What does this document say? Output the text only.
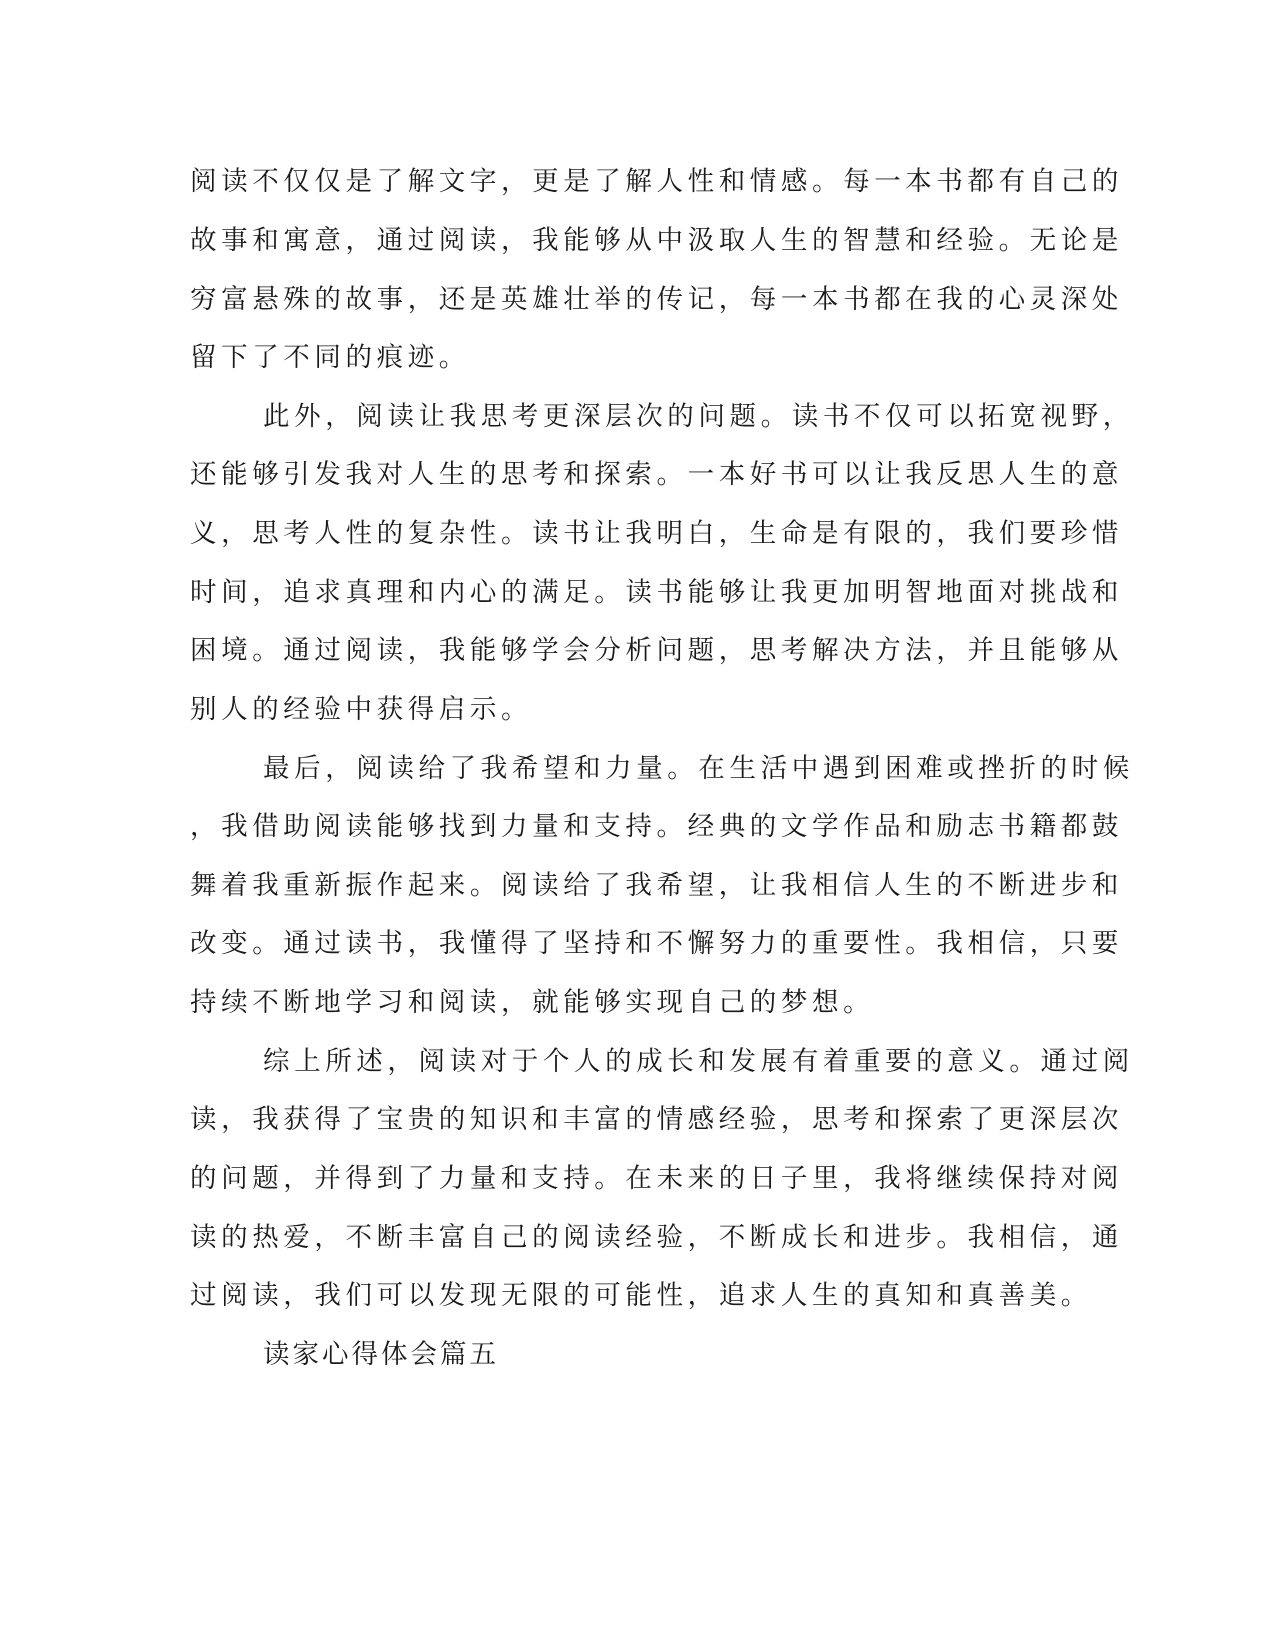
阅读不仅仅是了解文字，更是了解人性和情感。每一本书都有自己的
故事和寓意，通过阅读，我能够从中汲取人生的智慧和经验。无论是
穷富悬殊的故事，还是英雄壮举的传记，每一本书都在我的心灵深处
留下了不同的痕迹。
此外，阅读让我思考更深层次的问题。读书不仅可以拓宽视野，
还能够引发我对人生的思考和探索。一本好书可以让我反思人生的意
义，思考人性的复杂性。读书让我明白，生命是有限的，我们要珍惜
时间，追求真理和内心的满足。读书能够让我更加明智地面对挑战和
困境。通过阅读，我能够学会分析问题，思考解决方法，并且能够从
别人的经验中获得启示。
最后，阅读给了我希望和力量。在生活中遇到困难或挫折的时候
，我借助阅读能够找到力量和支持。经典的文学作品和励志书籍都鼓
舞着我重新振作起来。阅读给了我希望，让我相信人生的不断进步和
改变。通过读书，我懂得了坚持和不懈努力的重要性。我相信，只要
持续不断地学习和阅读，就能够实现自己的梦想。
综上所述，阅读对于个人的成长和发展有着重要的意义。通过阅
读，我获得了宝贵的知识和丰富的情感经验，思考和探索了更深层次
的问题，并得到了力量和支持。在未来的日子里，我将继续保持对阅
读的热爱，不断丰富自己的阅读经验，不断成长和进步。我相信，通
过阅读，我们可以发现无限的可能性，追求人生的真知和真善美。
读家心得体会篇五
